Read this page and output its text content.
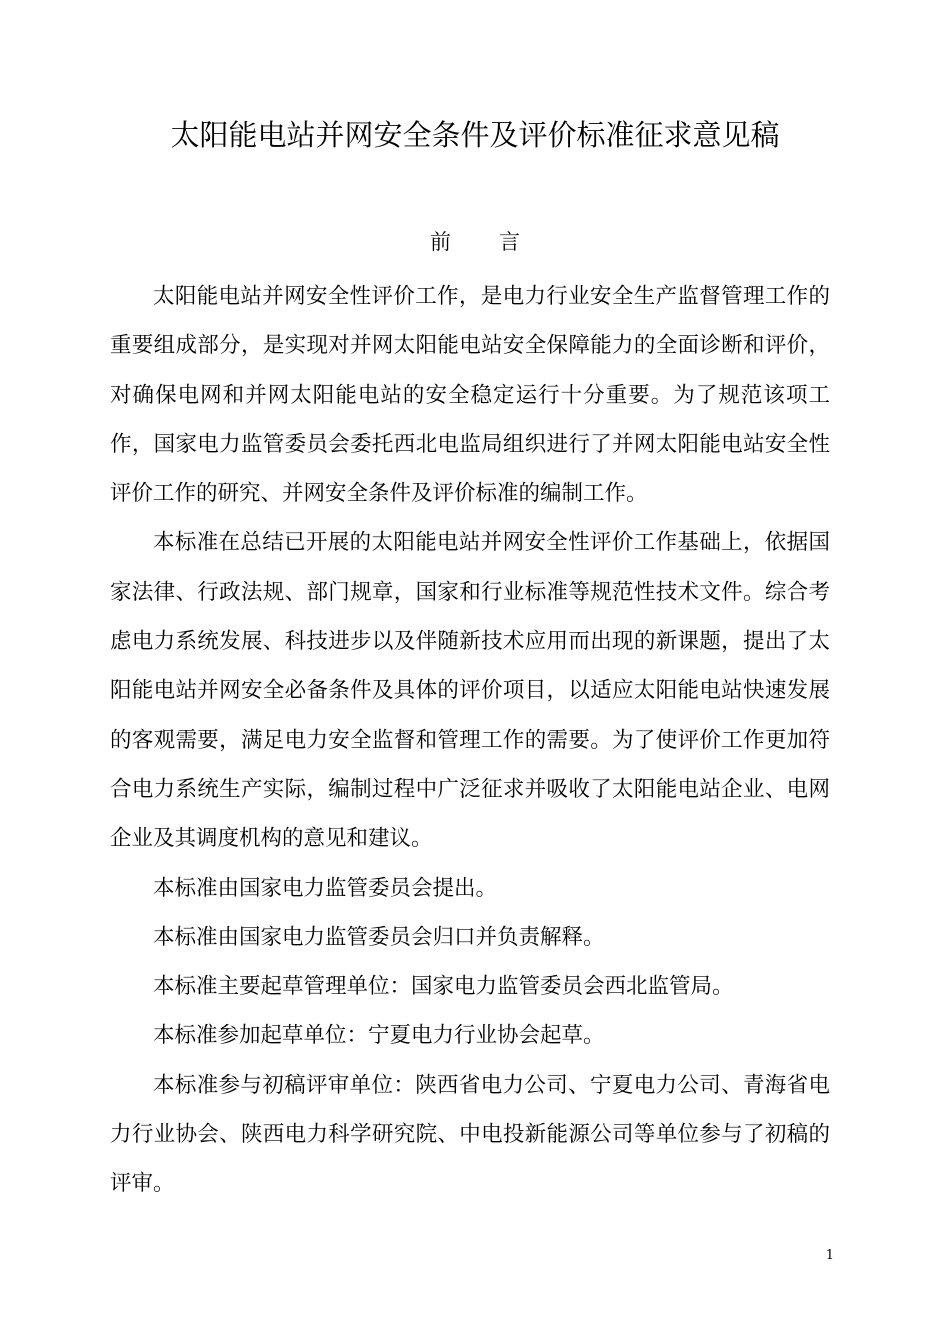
太阳能电站并网安全条件及评价标准征求意见稿
前言

太阳能电站并网安全性评价工作，是电力行业安全生产监督管理工作的重要组成部分，是实现对并网太阳能电站安全保障能力的全面诊断和评价，对确保电网和并网太阳能电站的安全稳定运行十分重要。为了规范该项工作，国家电力监管委员会委托西北电监局组织进行了并网太阳能电站安全性评价工作的研究、并网安全条件及评价标准的编制工作。

本标准在总结已开展的太阳能电站并网安全性评价工作基础上，依据国家法律、行政法规、部门规章，国家和行业标准等规范性技术文件。综合考虑电力系统发展、科技进步以及伴随新技术应用而出现的新课题，提出了太阳能电站并网安全必备条件及具体的评价项目，以适应太阳能电站快速发展的客观需要，满足电力安全监督和管理工作的需要。为了使评价工作更加符合电力系统生产实际，编制过程中广泛征求并吸收了太阳能电站企业、电网企业及其调度机构的意见和建议。

本标准由国家电力监管委员会提出。

本标准由国家电力监管委员会归口并负责解释。

本标准主要起草管理单位：国家电力监管委员会西北监管局。

本标准参加起草单位：宁夏电力行业协会起草。

本标准参与初稿评审单位：陕西省电力公司、宁夏电力公司、青海省电力行业协会、陕西电力科学研究院、中电投新能源公司等单位参与了初稿的评审。

1
